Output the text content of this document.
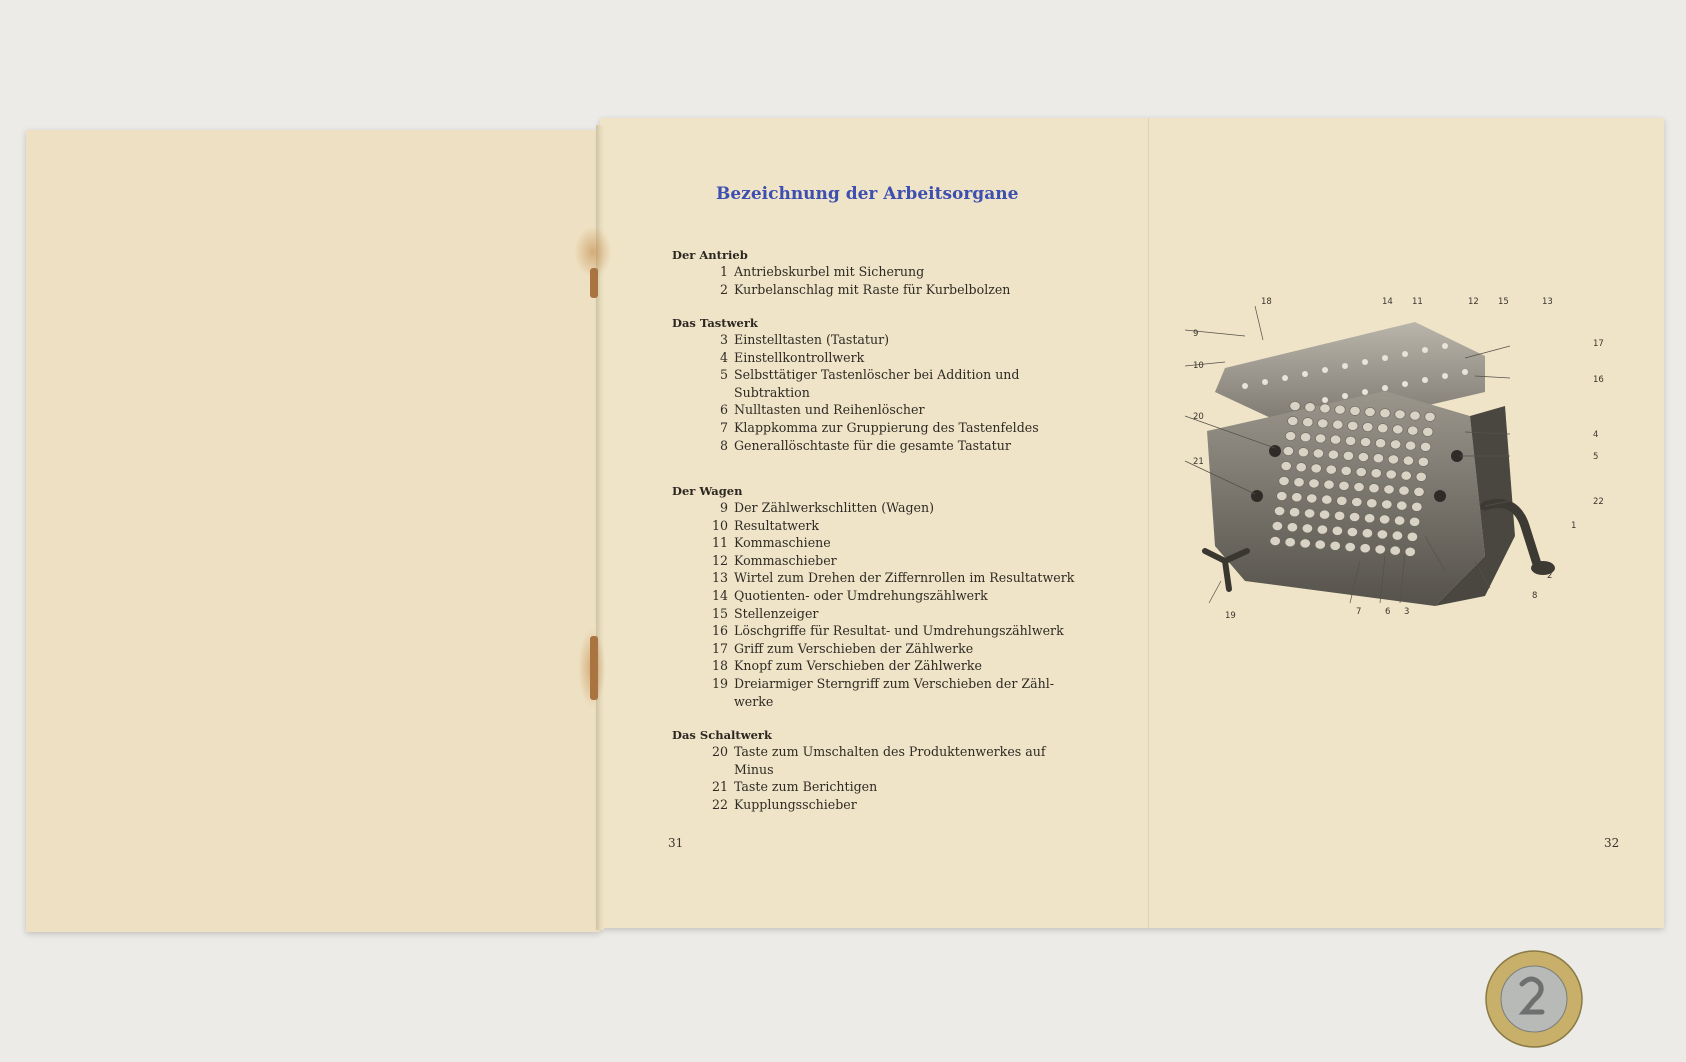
Bezeichnung der Arbeitsorgane
Der Antrieb
1 Antriebskurbel mit Sicherung
2 Kurbelanschlag mit Raste für Kurbelbolzen
Das Tastwerk
3 Einstelltasten (Tastatur)
4 Einstellkontrollwerk
5 Selbsttätiger Tastenlöscher bei Addition und
Subtraktion
6 Nulltasten und Reihenlöscher
7 Klappkomma zur Gruppierung des Tastenfeldes
8 Generallöschtaste für die gesamte Tastatur
Der Wagen
9 Der Zählwerkschlitten (Wagen)
10 Resultatwerk
11 Kommaschiene
12 Kommaschieber
13 Wirtel zum Drehen der Ziffernrollen im Resultatwerk
14 Quotienten- oder Umdrehungszählwerk
15 Stellenzeiger
16 Löschgriffe für Resultat- und Umdrehungszählwerk
17 Griff zum Verschieben der Zählwerke
18 Knopf zum Verschieben der Zählwerke
19 Dreiarmiger Sterngriff zum Verschieben der Zähl-
werke
Das Schaltwerk
20 Taste zum Umschalten des Produktenwerkes auf
Minus
21 Taste zum Berichtigen
22 Kupplungsschieber
31	32
18	14 11	12 15	13
9
17
10
16
20
4
5
21
22
1
2
8
19	7	6 3
